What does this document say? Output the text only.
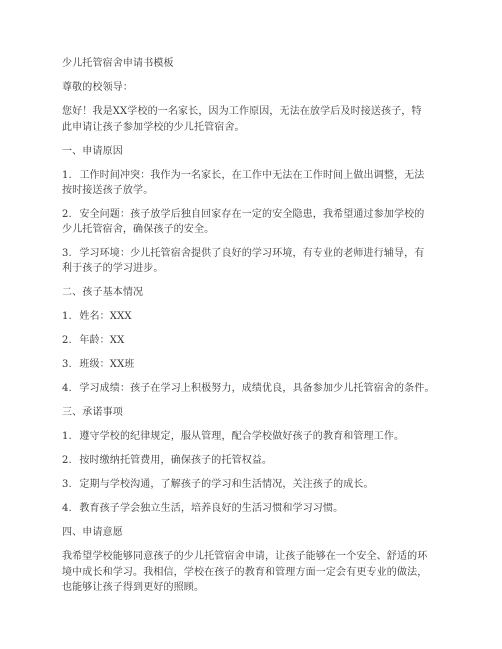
少儿托管宿舍申请书模板
尊敬的校领导：
您好！我是XX学校的一名家长，因为工作原因，无法在放学后及时接送孩子，特
此申请让孩子参加学校的少儿托管宿舍。
一、申请原因
1. 工作时间冲突：我作为一名家长，在工作中无法在工作时间上做出调整，无法
按时接送孩子放学。
2. 安全问题：孩子放学后独自回家存在一定的安全隐患，我希望通过参加学校的
少儿托管宿舍，确保孩子的安全。
3. 学习环境：少儿托管宿舍提供了良好的学习环境，有专业的老师进行辅导，有
利于孩子的学习进步。
二、孩子基本情况
1. 姓名：XXX
2. 年龄：XX
3. 班级：XX班
4. 学习成绩：孩子在学习上积极努力，成绩优良，具备参加少儿托管宿舍的条件。
三、承诺事项
1. 遵守学校的纪律规定，服从管理，配合学校做好孩子的教育和管理工作。
2. 按时缴纳托管费用，确保孩子的托管权益。
3. 定期与学校沟通，了解孩子的学习和生活情况，关注孩子的成长。
4. 教育孩子学会独立生活，培养良好的生活习惯和学习习惯。
四、申请意愿
我希望学校能够同意孩子的少儿托管宿舍申请，让孩子能够在一个安全、舒适的环
境中成长和学习。我相信，学校在孩子的教育和管理方面一定会有更专业的做法，
也能够让孩子得到更好的照顾。
